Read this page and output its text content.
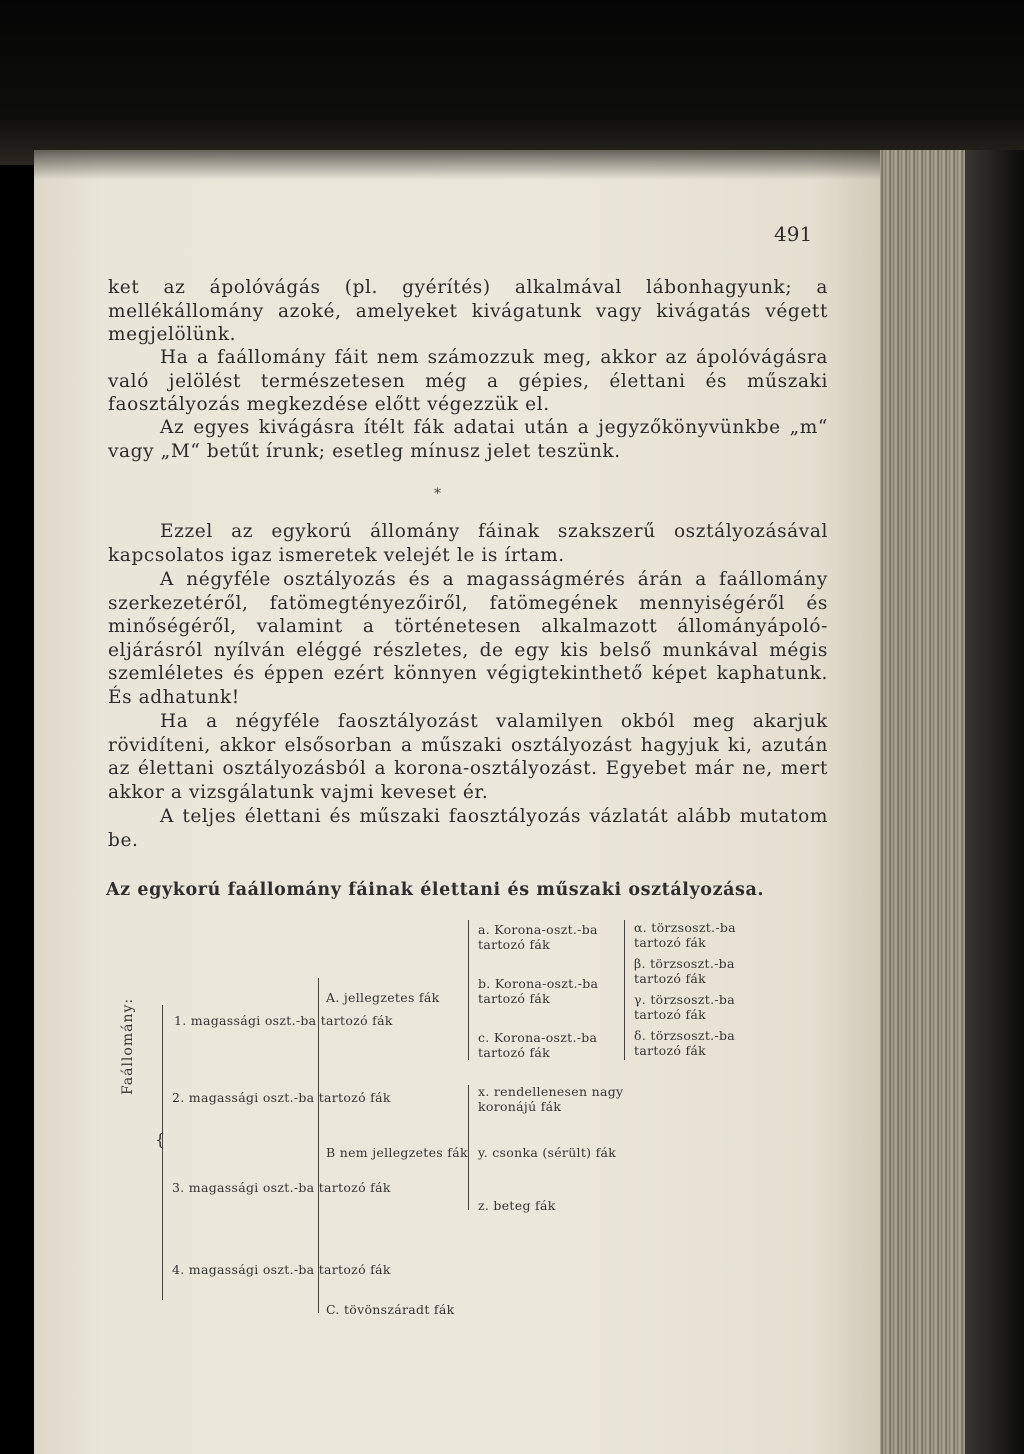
491

ket az ápolóvágás (pl. gyérítés) alkalmával lábonhagyunk; a mellékállomány azoké, amelyeket kivágatunk vagy kivágatás végett megjelölünk.

Ha a faállomány fáit nem számozzuk meg, akkor az ápolóvágásra való jelölést természetesen még a gépies, élettani és műszaki faosztályozás megkezdése előtt végezzük el.

Az egyes kivágásra ítélt fák adatai után a jegyzőkönyvünkbe „m“ vagy „M“ betűt írunk; esetleg mínusz jelet teszünk.

*

Ezzel az egykorú állomány fáinak szakszerű osztályozásával kapcsolatos igaz ismeretek velejét le is írtam.

A négyféle osztályozás és a magasságmérés árán a faállomány szerkezetéről, fatömegtényezőiről, fatömegének mennyiségéről és minőségéről, valamint a történetesen alkalmazott állományápoló-eljárásról nyílván eléggé részletes, de egy kis belső munkával mégis szemléletes és éppen ezért könnyen végigtekinthető képet kaphatunk. És adhatunk!

Ha a négyféle faosztályozást valamilyen okból meg akarjuk rövidíteni, akkor elsősorban a műszaki osztályozást hagyjuk ki, azután az élettani osztályozásból a korona-osztályozást. Egyebet már ne, mert akkor a vizsgálatunk vajmi keveset ér.

A teljes élettani és műszaki faosztályozás vázlatát alább mutatom be.

Az egykorú faállomány fáinak élettani és műszaki osztályozása.
Faállomány:
{
1. magassági oszt.-ba tartozó fák
2. magassági oszt.-ba tartozó fák
3. magassági oszt.-ba tartozó fák
4. magassági oszt.-ba tartozó fák
A. jellegzetes fák
B nem jellegzetes fák
C. tövönszáradt fák
a. Korona-oszt.-ba tartozó fák
b. Korona-oszt.-ba tartozó fák
c. Korona-oszt.-ba tartozó fák
α. törzsoszt.-ba tartozó fák
β. törzsoszt.-ba tartozó fák
γ. törzsoszt.-ba tartozó fák
δ. törzsoszt.-ba tartozó fák
x. rendellenesen nagy koronájú fák
y. csonka (sérült) fák
z. beteg fák
